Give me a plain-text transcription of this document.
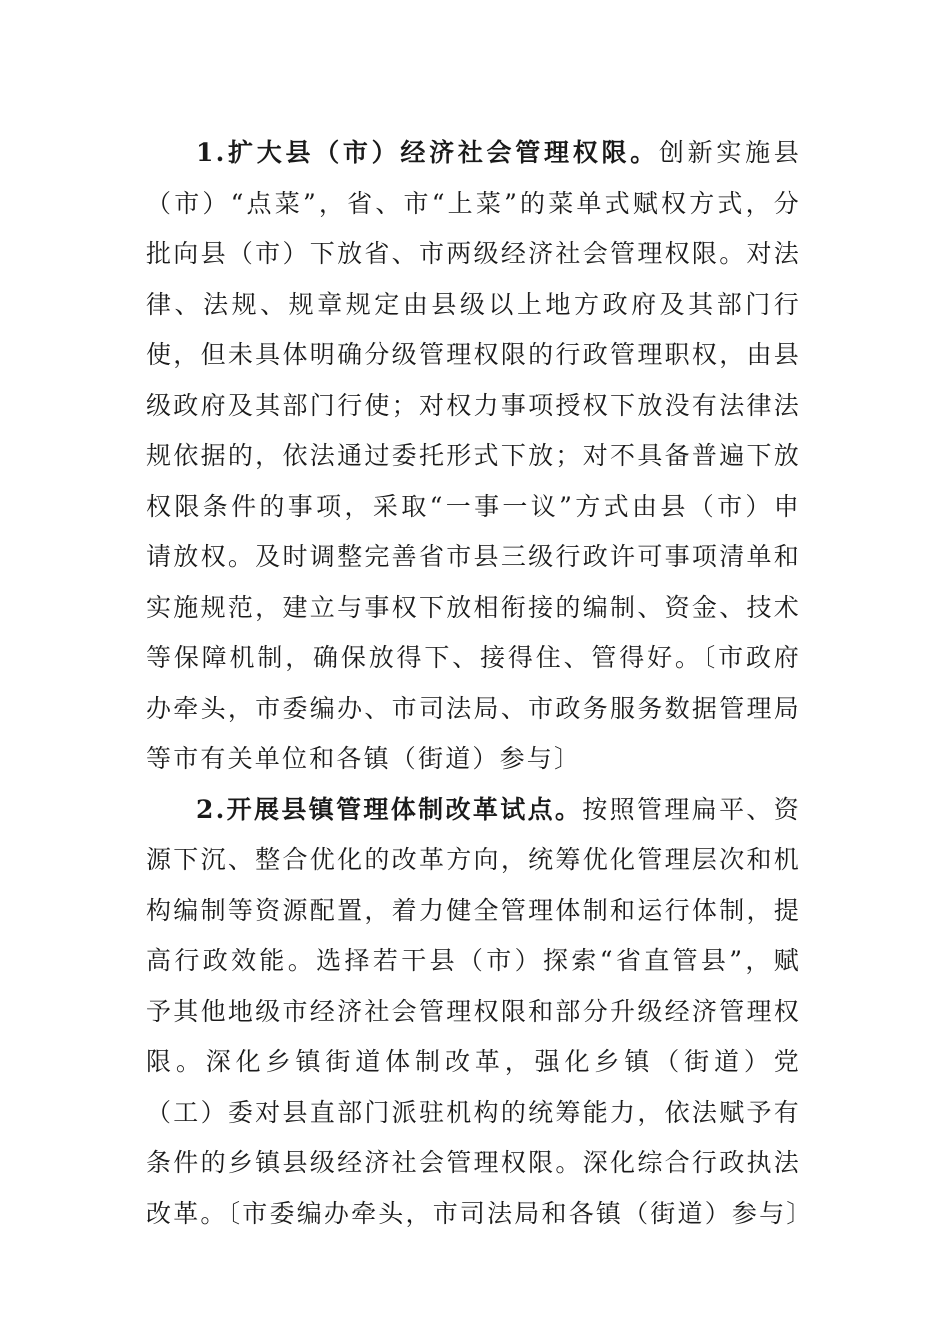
1.扩大县（市）经济社会管理权限。创新实施县（市）“点菜”，省、市“上菜”的菜单式赋权方式，分批向县（市）下放省、市两级经济社会管理权限。对法律、法规、规章规定由县级以上地方政府及其部门行使，但未具体明确分级管理权限的行政管理职权，由县级政府及其部门行使；对权力事项授权下放没有法律法规依据的，依法通过委托形式下放；对不具备普遍下放权限条件的事项，采取“一事一议”方式由县（市）申请放权。及时调整完善省市县三级行政许可事项清单和实施规范，建立与事权下放相衔接的编制、资金、技术等保障机制，确保放得下、接得住、管得好。〔市政府办牵头，市委编办、市司法局、市政务服务数据管理局等市有关单位和各镇（街道）参与〕

2.开展县镇管理体制改革试点。按照管理扁平、资源下沉、整合优化的改革方向，统筹优化管理层次和机构编制等资源配置，着力健全管理体制和运行体制，提高行政效能。选择若干县（市）探索“省直管县”，赋予其他地级市经济社会管理权限和部分升级经济管理权限。深化乡镇街道体制改革，强化乡镇（街道）党（工）委对县直部门派驻机构的统筹能力，依法赋予有条件的乡镇县级经济社会管理权限。深化综合行政执法改革。〔市委编办牵头，市司法局和各镇（街道）参与〕
